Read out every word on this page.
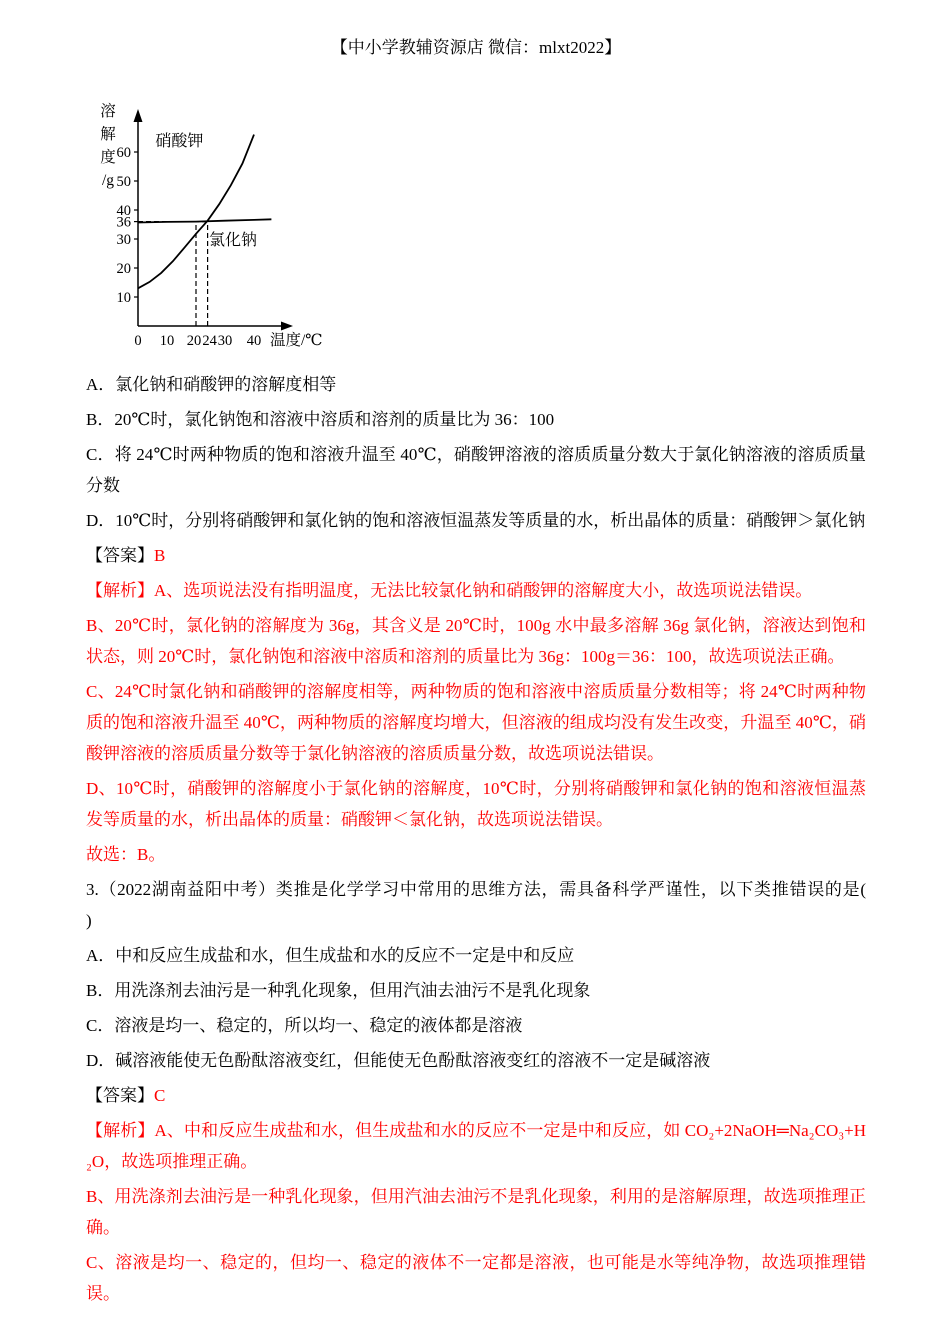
【中小学教辅资源店 微信：mlxt2022】
10
20
30
36
40
50
60
0 10 20 24 30 40
溶解度/g
温度/℃
硝酸钾
氯化钠

A．氯化钠和硝酸钾的溶解度相等

B．20℃时，氯化钠饱和溶液中溶质和溶剂的质量比为 36：100

C．将 24℃时两种物质的饱和溶液升温至 40℃，硝酸钾溶液的溶质质量分数大于氯化钠溶液的溶质质量分数

D．10℃时，分别将硝酸钾和氯化钠的饱和溶液恒温蒸发等质量的水，析出晶体的质量：硝酸钾＞氯化钠

【答案】B

【解析】A、选项说法没有指明温度，无法比较氯化钠和硝酸钾的溶解度大小，故选项说法错误。

B、20℃时，氯化钠的溶解度为 36g，其含义是 20℃时，100g 水中最多溶解 36g 氯化钠，溶液达到饱和状态，则 20℃时，氯化钠饱和溶液中溶质和溶剂的质量比为 36g：100g＝36：100，故选项说法正确。

C、24℃时氯化钠和硝酸钾的溶解度相等，两种物质的饱和溶液中溶质质量分数相等；将 24℃时两种物质的饱和溶液升温至 40℃，两种物质的溶解度均增大，但溶液的组成均没有发生改变，升温至 40℃，硝酸钾溶液的溶质质量分数等于氯化钠溶液的溶质质量分数，故选项说法错误。

D、10℃时，硝酸钾的溶解度小于氯化钠的溶解度，10℃时，分别将硝酸钾和氯化钠的饱和溶液恒温蒸发等质量的水，析出晶体的质量：硝酸钾＜氯化钠，故选项说法错误。

故选：B。

3.（2022湖南益阳中考）类推是化学学习中常用的思维方法，需具备科学严谨性，以下类推错误的是(　　)

A．中和反应生成盐和水，但生成盐和水的反应不一定是中和反应

B．用洗涤剂去油污是一种乳化现象，但用汽油去油污不是乳化现象

C．溶液是均一、稳定的，所以均一、稳定的液体都是溶液

D．碱溶液能使无色酚酞溶液变红，但能使无色酚酞溶液变红的溶液不一定是碱溶液

【答案】C

【解析】A、中和反应生成盐和水，但生成盐和水的反应不一定是中和反应，如 CO₂+2NaOH═Na₂CO₃+H₂O，故选项推理正确。

B、用洗涤剂去油污是一种乳化现象，但用汽油去油污不是乳化现象，利用的是溶解原理，故选项推理正确。

C、溶液是均一、稳定的，但均一、稳定的液体不一定都是溶液，也可能是水等纯净物，故选项推理错误。
